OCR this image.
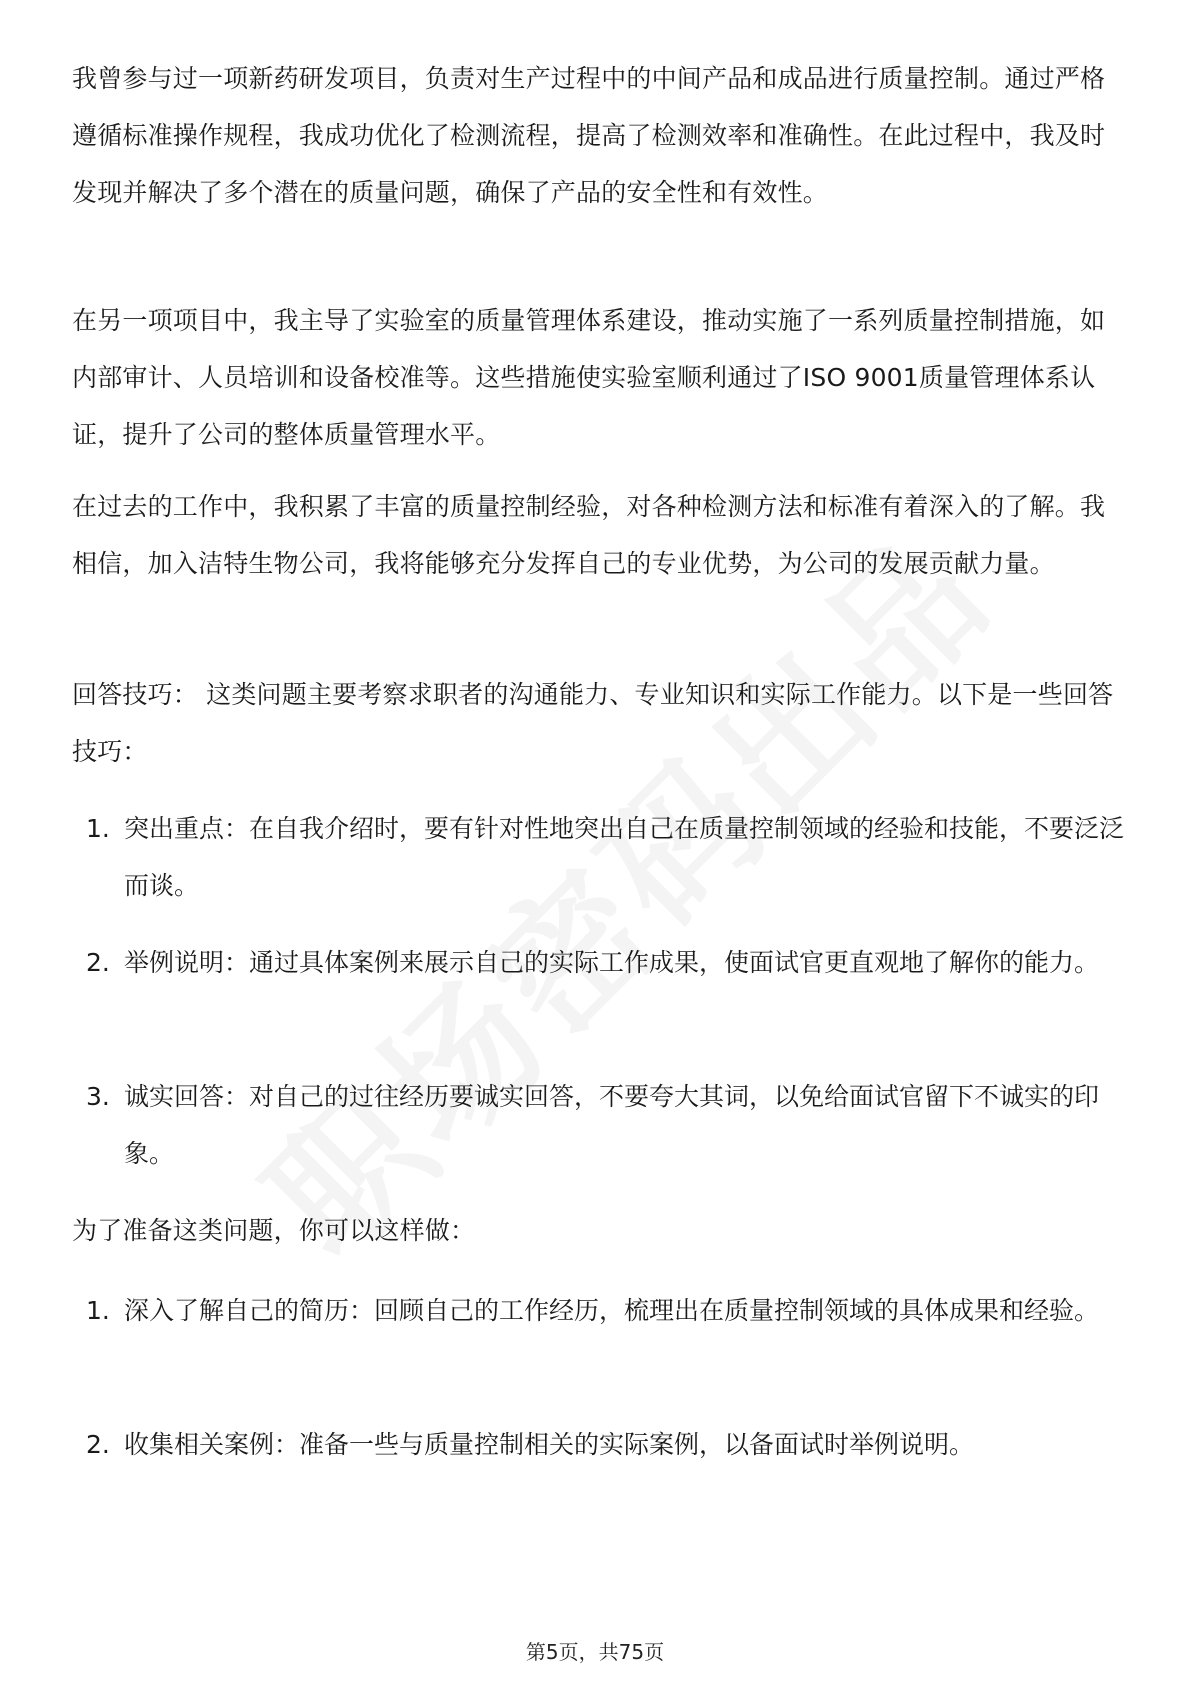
我曾参与过一项新药研发项目，负责对生产过程中的中间产品和成品进行质量控制。通过严格遵循标准操作规程，我成功优化了检测流程，提高了检测效率和准确性。在此过程中，我及时发现并解决了多个潜在的质量问题，确保了产品的安全性和有效性。

在另一项项目中，我主导了实验室的质量管理体系建设，推动实施了一系列质量控制措施，如内部审计、人员培训和设备校准等。这些措施使实验室顺利通过了ISO 9001质量管理体系认证，提升了公司的整体质量管理水平。

在过去的工作中，我积累了丰富的质量控制经验，对各种检测方法和标准有着深入的了解。我相信，加入洁特生物公司，我将能够充分发挥自己的专业优势，为公司的发展贡献力量。

回答技巧： 这类问题主要考察求职者的沟通能力、专业知识和实际工作能力。以下是一些回答技巧：

1. 突出重点：在自我介绍时，要有针对性地突出自己在质量控制领域的经验和技能，不要泛泛而谈。
2. 举例说明：通过具体案例来展示自己的实际工作成果，使面试官更直观地了解你的能力。
3. 诚实回答：对自己的过往经历要诚实回答，不要夸大其词，以免给面试官留下不诚实的印象。

为了准备这类问题，你可以这样做：

1. 深入了解自己的简历：回顾自己的工作经历，梳理出在质量控制领域的具体成果和经验。
2. 收集相关案例：准备一些与质量控制相关的实际案例，以备面试时举例说明。
第5页，共75页
